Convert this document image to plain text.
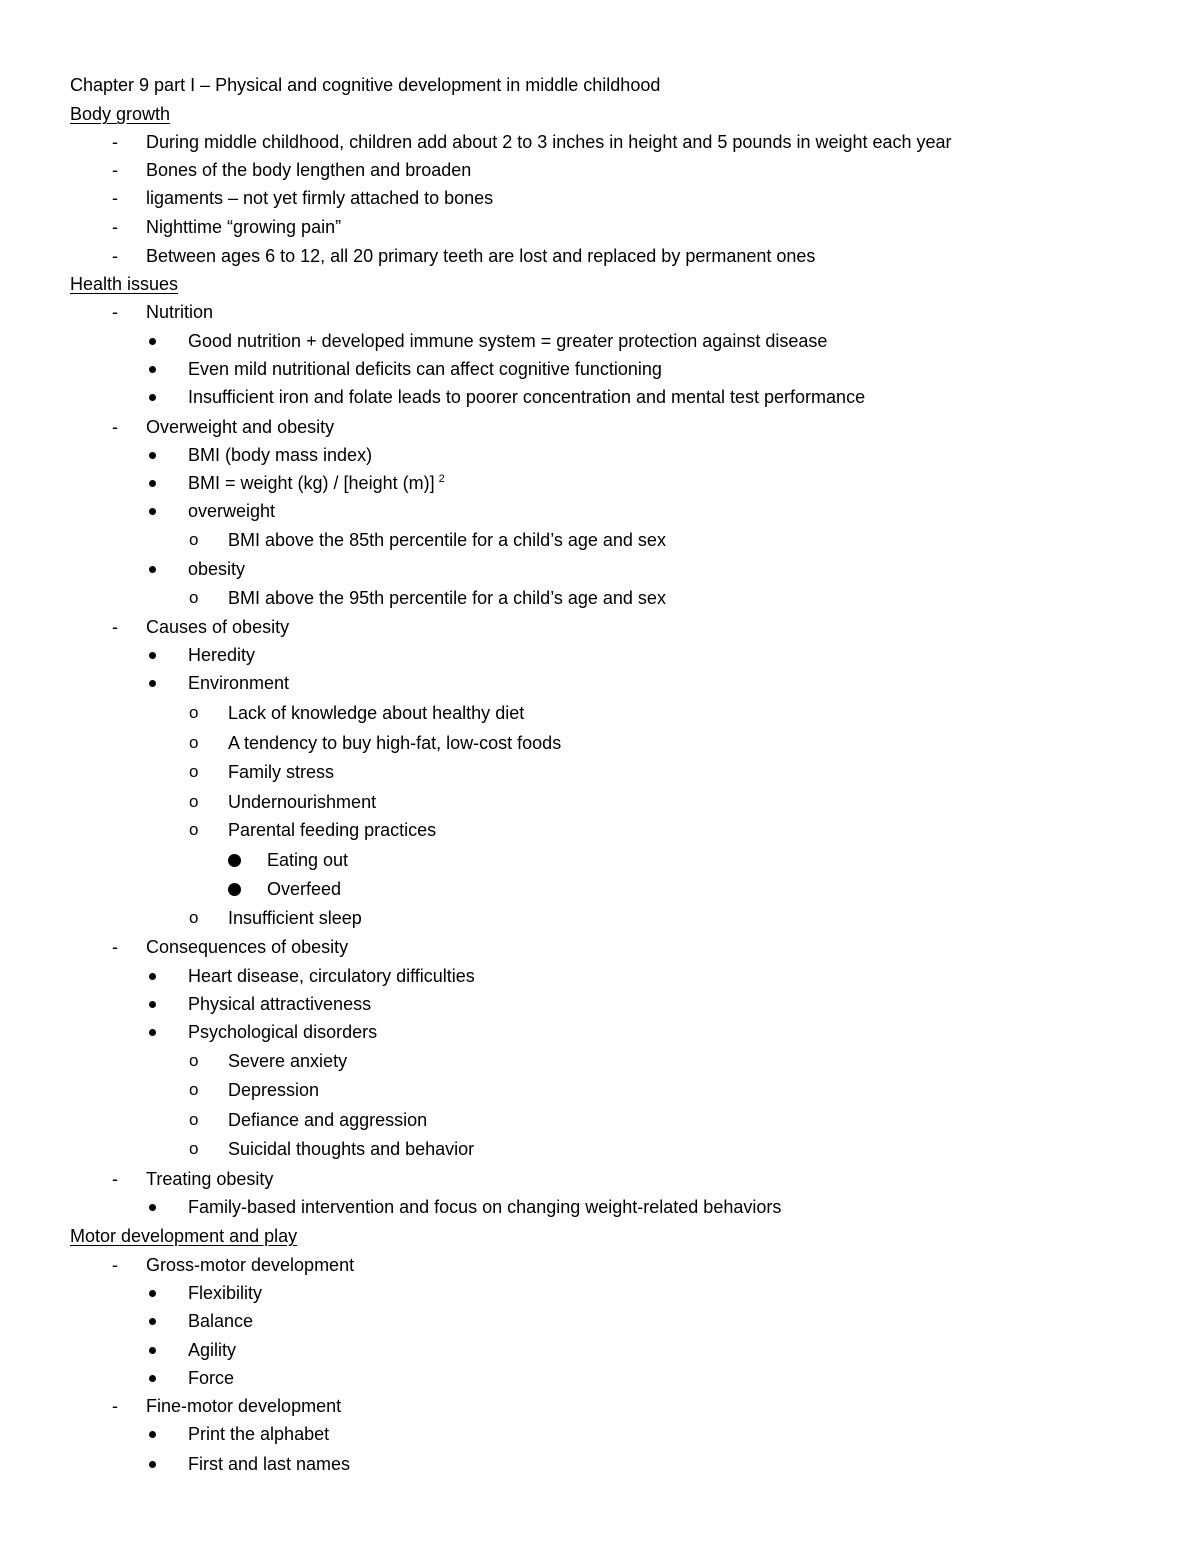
Chapter 9 part I – Physical and cognitive development in middle childhood
Body growth
- During middle childhood, children add about 2 to 3 inches in height and 5 pounds in weight each year
- Bones of the body lengthen and broaden
- ligaments – not yet firmly attached to bones
- Nighttime “growing pain”
- Between ages 6 to 12, all 20 primary teeth are lost and replaced by permanent ones
Health issues
- Nutrition
Good nutrition + developed immune system = greater protection against disease
Even mild nutritional deficits can affect cognitive functioning
Insufficient iron and folate leads to poorer concentration and mental test performance
- Overweight and obesity
BMI (body mass index)
BMI = weight (kg) / [height (m)] $^2$
overweight
o BMI above the 85th percentile for a child’s age and sex
obesity
o BMI above the 95th percentile for a child’s age and sex
- Causes of obesity
Heredity
Environment
o Lack of knowledge about healthy diet
o A tendency to buy high-fat, low-cost foods
o Family stress
o Undernourishment
o Parental feeding practices
Eating out
Overfeed
o Insufficient sleep
- Consequences of obesity
Heart disease, circulatory difficulties
Physical attractiveness
Psychological disorders
o Severe anxiety
o Depression
o Defiance and aggression
o Suicidal thoughts and behavior
- Treating obesity
Family-based intervention and focus on changing weight-related behaviors
Motor development and play
- Gross-motor development
Flexibility
Balance
Agility
Force
- Fine-motor development
Print the alphabet
First and last names
